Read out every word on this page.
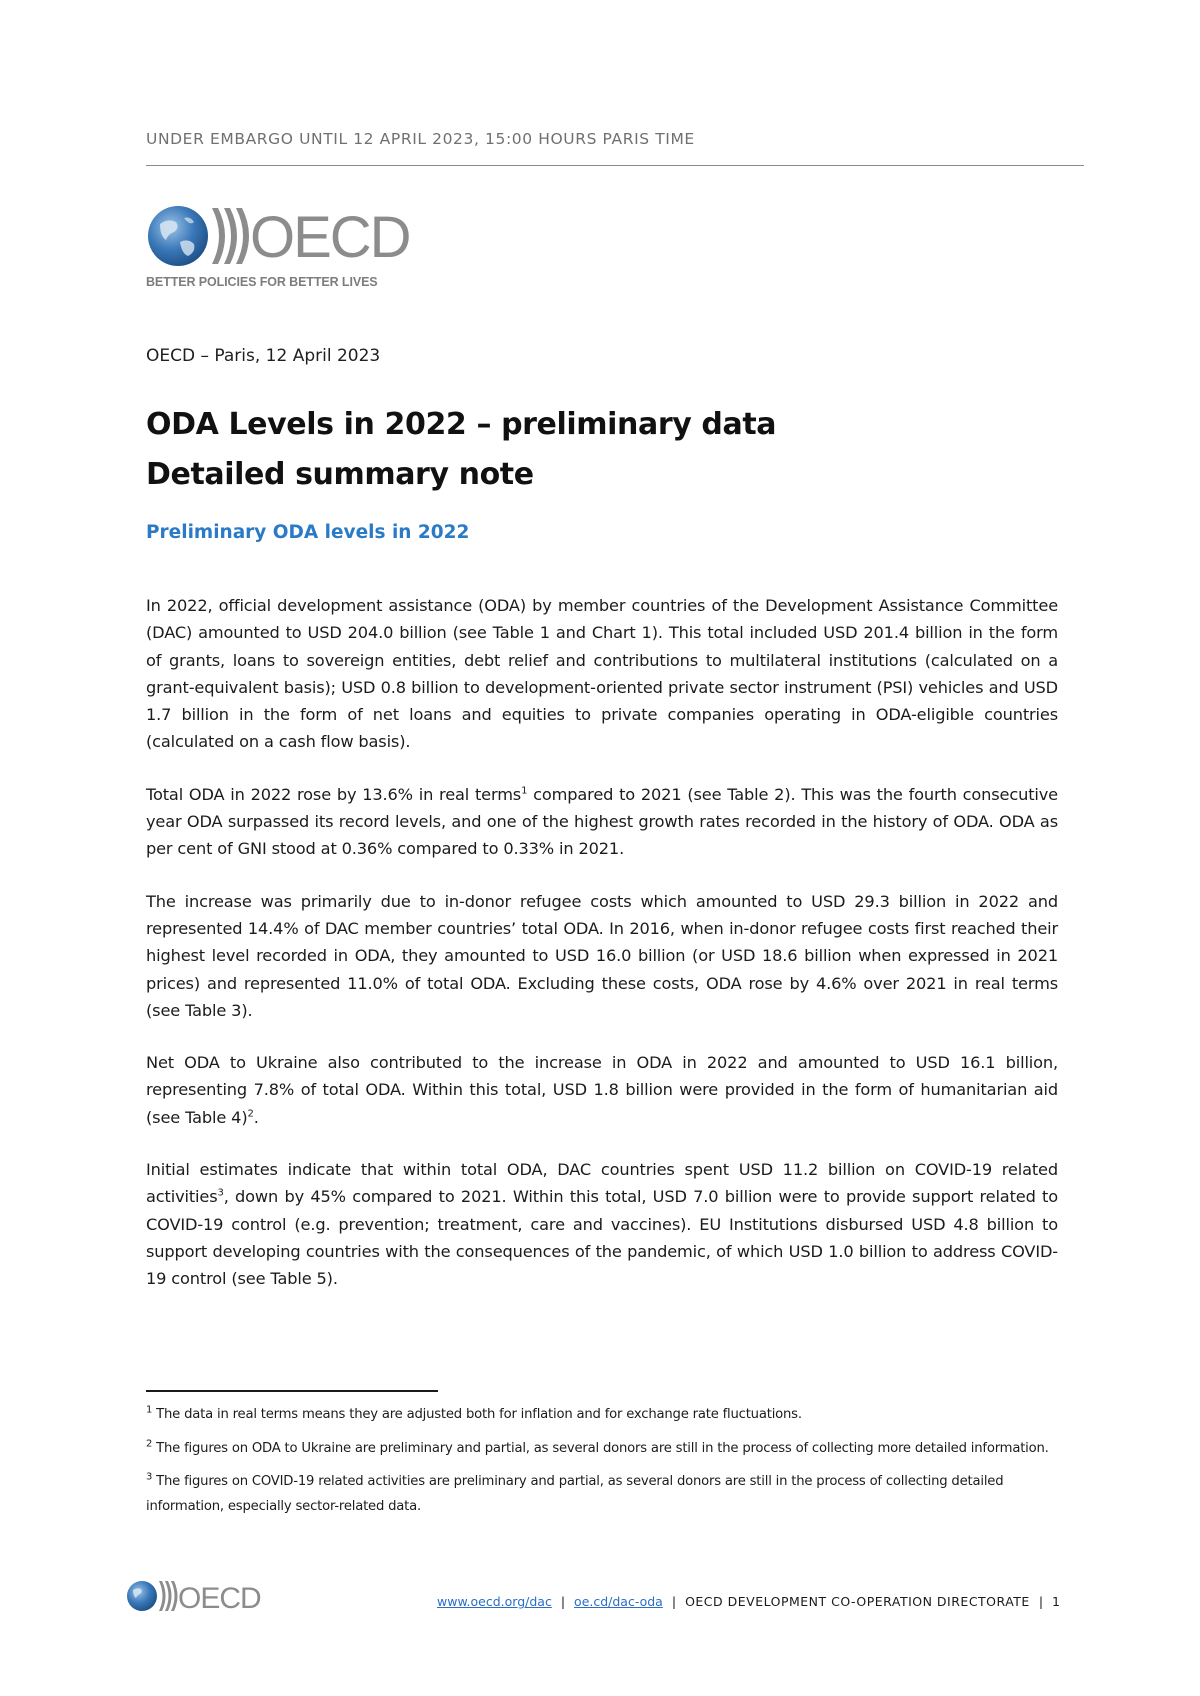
UNDER EMBARGO UNTIL 12 APRIL 2023, 15:00 HOURS PARIS TIME
OECD
BETTER POLICIES FOR BETTER LIVES
OECD – Paris, 12 April 2023
ODA Levels in 2022 – preliminary data
Detailed summary note
Preliminary ODA levels in 2022

In 2022, official development assistance (ODA) by member countries of the Development Assistance Committee (DAC) amounted to USD 204.0 billion (see Table 1 and Chart 1). This total included USD 201.4 billion in the form of grants, loans to sovereign entities, debt relief and contributions to multilateral institutions (calculated on a grant-equivalent basis); USD 0.8 billion to development-oriented private sector instrument (PSI) vehicles and USD 1.7 billion in the form of net loans and equities to private companies operating in ODA-eligible countries (calculated on a cash flow basis).

Total ODA in 2022 rose by 13.6% in real terms$^1$ compared to 2021 (see Table 2). This was the fourth consecutive year ODA surpassed its record levels, and one of the highest growth rates recorded in the history of ODA. ODA as per cent of GNI stood at 0.36% compared to 0.33% in 2021.

The increase was primarily due to in-donor refugee costs which amounted to USD 29.3 billion in 2022 and represented 14.4% of DAC member countries’ total ODA. In 2016, when in-donor refugee costs first reached their highest level recorded in ODA, they amounted to USD 16.0 billion (or USD 18.6 billion when expressed in 2021 prices) and represented 11.0% of total ODA. Excluding these costs, ODA rose by 4.6% over 2021 in real terms (see Table 3).

Net ODA to Ukraine also contributed to the increase in ODA in 2022 and amounted to USD 16.1 billion, representing 7.8% of total ODA. Within this total, USD 1.8 billion were provided in the form of humanitarian aid (see Table 4)$^2$.

Initial estimates indicate that within total ODA, DAC countries spent USD 11.2 billion on COVID-19 related activities$^3$, down by 45% compared to 2021. Within this total, USD 7.0 billion were to provide support related to COVID-19 control (e.g. prevention; treatment, care and vaccines). EU Institutions disbursed USD 4.8 billion to support developing countries with the consequences of the pandemic, of which USD 1.0 billion to address COVID-19 control (see Table 5).

$^1$ The data in real terms means they are adjusted both for inflation and for exchange rate fluctuations.

$^2$ The figures on ODA to Ukraine are preliminary and partial, as several donors are still in the process of collecting more detailed information.

$^3$ The figures on COVID-19 related activities are preliminary and partial, as several donors are still in the process of collecting detailed information, especially sector-related data.

OECD	www.oecd.org/dac | oe.cd/dac-oda | OECD DEVELOPMENT CO-OPERATION DIRECTORATE | 1
